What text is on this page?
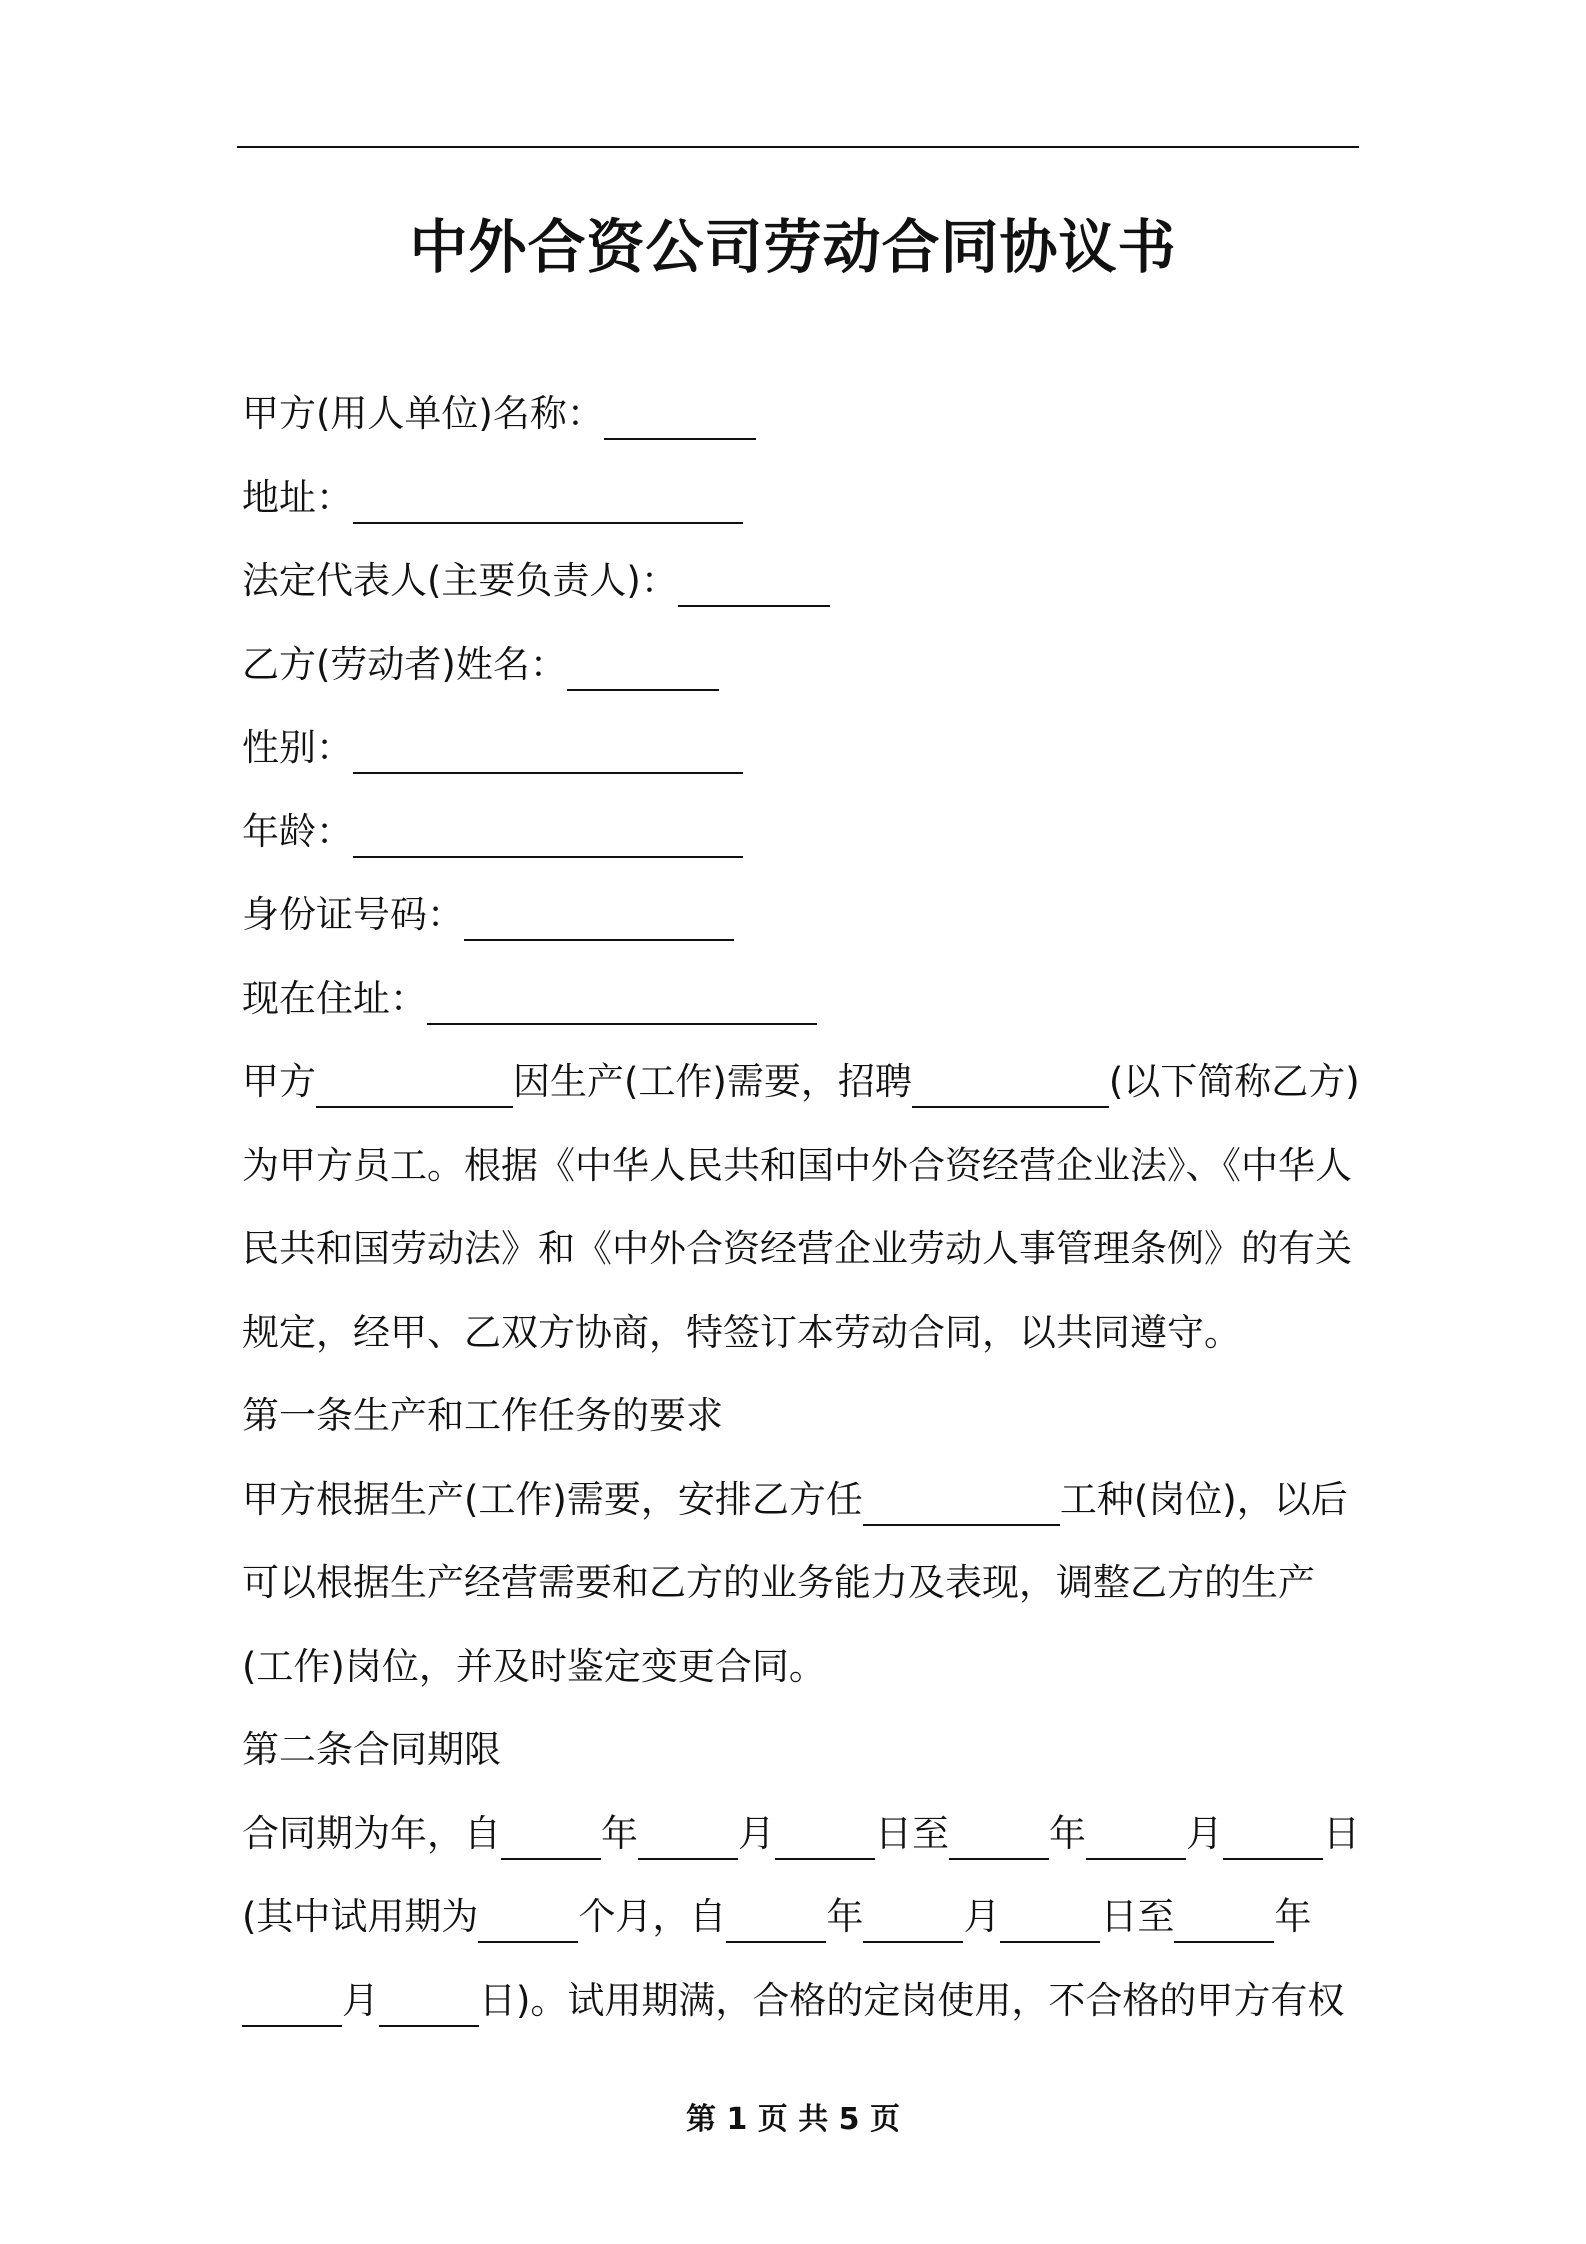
中外合资公司劳动合同协议书
甲方(用人单位)名称：
地址：
法定代表人(主要负责人)：
乙方(劳动者)姓名：
性别：
年龄：
身份证号码：
现在住址：
甲方	因生产(工作)需要，招聘	(以下简称乙方)
为甲方员工。根据《中华人民共和国中外合资经营企业法》、《中华人
民共和国劳动法》和《中外合资经营企业劳动人事管理条例》的有关
规定，经甲、乙双方协商，特签订本劳动合同，以共同遵守。
第一条生产和工作任务的要求
甲方根据生产(工作)需要，安排乙方任	工种(岗位)，以后
可以根据生产经营需要和乙方的业务能力及表现，调整乙方的生产
(工作)岗位，并及时鉴定变更合同。
第二条合同期限
合同期为年，自	年	月	日至	年	月	日
(其中试用期为	个月，自	年	月	日至	年
月	日)。试用期满，合格的定岗使用，不合格的甲方有权
第 1 页 共 5 页
